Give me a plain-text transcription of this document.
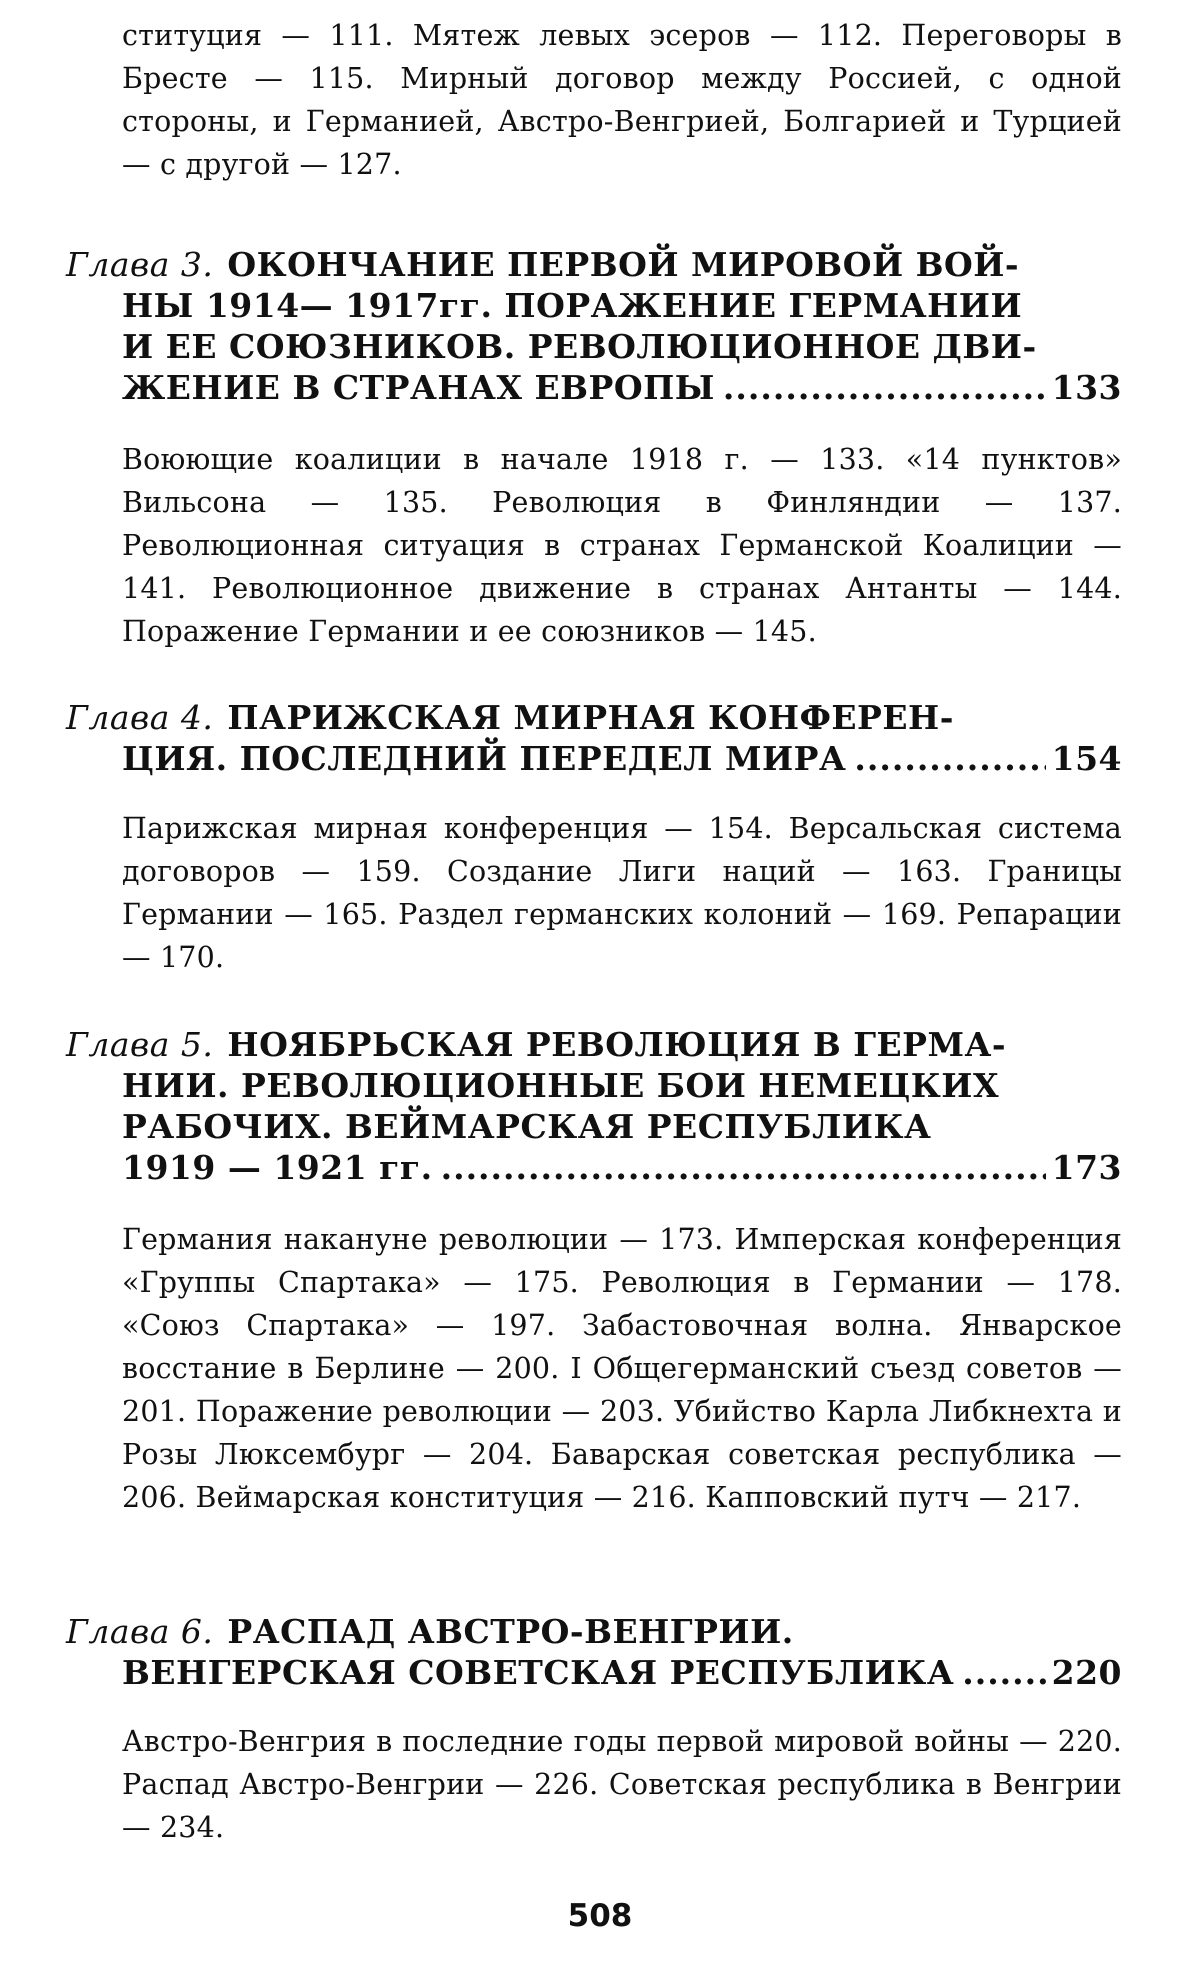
ституция — 111. Мятеж левых эсеров — 112. Переговоры в Бресте — 115. Мирный договор между Россией, с одной стороны, и Германией, Австро-Венгрией, Болгарией и Турцией — с другой — 127.

Глава 3. ОКОНЧАНИЕ ПЕРВОЙ МИРОВОЙ ВОЙ-
НЫ 1914— 1917гг. ПОРАЖЕНИЕ ГЕРМАНИИ
И ЕЕ СОЮЗНИКОВ. РЕВОЛЮЦИОННОЕ ДВИ-
ЖЕНИЕ В СТРАНАХ ЕВРОПЫ .....	133

Воюющие коалиции в начале 1918 г. — 133. «14 пунктов» Вильсона — 135. Революция в Финляндии — 137. Революционная ситуация в странах Германской Коалиции — 141. Революционное движение в странах Антанты — 144. Поражение Германии и ее союзников — 145.

Глава 4. ПАРИЖСКАЯ МИРНАЯ КОНФЕРЕН-
ЦИЯ. ПОСЛЕДНИЙ ПЕРЕДЕЛ МИРА .....	154

Парижская мирная конференция — 154. Версальская система договоров — 159. Создание Лиги наций — 163. Границы Германии — 165. Раздел германских колоний — 169. Репарации — 170.

Глава 5. НОЯБРЬСКАЯ РЕВОЛЮЦИЯ В ГЕРМА-
НИИ. РЕВОЛЮЦИОННЫЕ БОИ НЕМЕЦКИХ
РАБОЧИХ. ВЕЙМАРСКАЯ РЕСПУБЛИКА
1919 — 1921 гг. .....	173

Германия накануне революции — 173. Имперская конференция «Группы Спартака» — 175. Революция в Германии — 178. «Союз Спартака» — 197. Забастовочная волна. Январское восстание в Берлине — 200. I Общегерманский съезд советов — 201. Поражение революции — 203. Убийство Карла Либкнехта и Розы Люксембург — 204. Баварская советская республика — 206. Веймарская конституция — 216. Капповский путч — 217.

Глава 6. РАСПАД АВСТРО-ВЕНГРИИ.
ВЕНГЕРСКАЯ СОВЕТСКАЯ РЕСПУБЛИКА .....	220

Австро-Венгрия в последние годы первой мировой войны — 220. Распад Австро-Венгрии — 226. Советская республика в Венгрии — 234.

508
